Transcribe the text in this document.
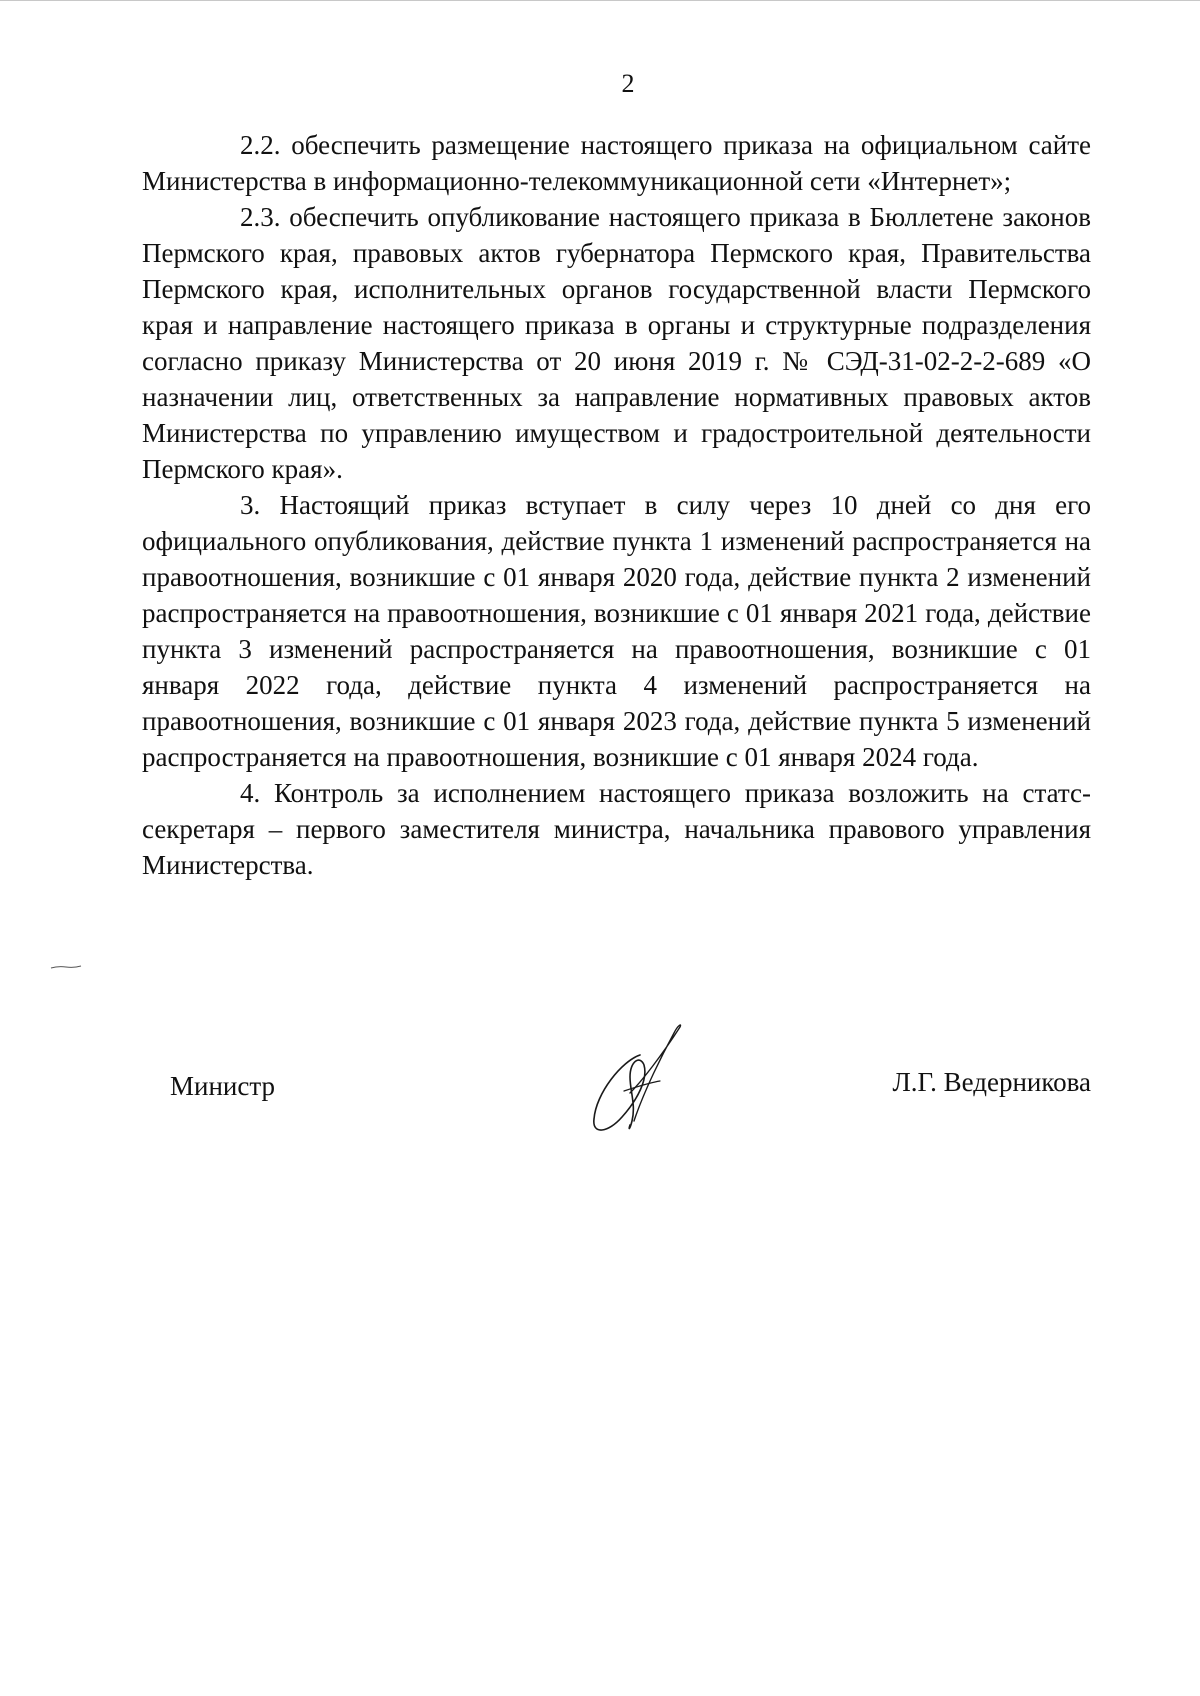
2

2.2. обеспечить размещение настоящего приказа на официальном сайте Министерства в информационно-телекоммуникационной сети «Интернет»;

2.3. обеспечить опубликование настоящего приказа в Бюллетене законов Пермского края, правовых актов губернатора Пермского края, Правительства Пермского края, исполнительных органов государственной власти Пермского края и направление настоящего приказа в органы и структурные подразделения согласно приказу Министерства от 20 июня 2019 г. № СЭД-31-02-2-2-689 «О назначении лиц, ответственных за направление нормативных правовых актов Министерства по управлению имуществом и градостроительной деятельности Пермского края».

3. Настоящий приказ вступает в силу через 10 дней со дня его официального опубликования, действие пункта 1 изменений распространяется на правоотношения, возникшие с 01 января 2020 года, действие пункта 2 изменений распространяется на правоотношения, возникшие с 01 января 2021 года, действие пункта 3 изменений распространяется на правоотношения, возникшие с 01 января 2022 года, действие пункта 4 изменений распространяется на правоотношения, возникшие с 01 января 2023 года, действие пункта 5 изменений распространяется на правоотношения, возникшие с 01 января 2024 года.

4. Контроль за исполнением настоящего приказа возложить на статс-секретаря – первого заместителя министра, начальника правового управления Министерства.

Министр	Л.Г. Ведерникова
